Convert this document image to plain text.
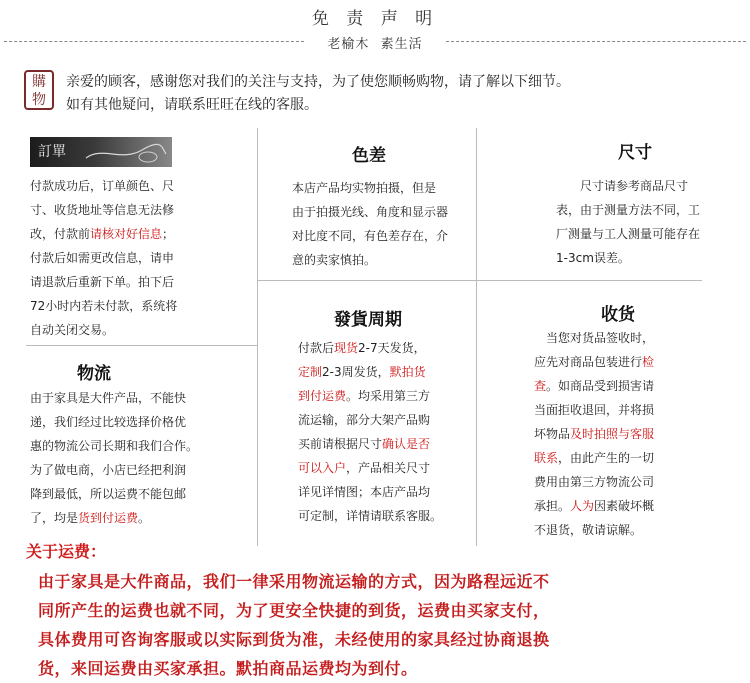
免 责 声 明
老榆木 素生活
購
物
亲爱的顾客，感谢您对我们的关注与支持，为了使您顺畅购物，请了解以下细节。
如有其他疑问，请联系旺旺在线的客服。
訂單
付款成功后，订单颜色、尺
寸、收货地址等信息无法修
改，付款前请核对好信息；
付款后如需更改信息，请申
请退款后重新下单。拍下后
72小时内若未付款，系统将
自动关闭交易。
色差
本店产品均实物拍摄，但是
由于拍摄光线、角度和显示器
对比度不同，有色差存在，介
意的卖家慎拍。
尺寸
　　尺寸请参考商品尺寸
表，由于测量方法不同，工
厂测量与工人测量可能存在
1-3cm误差。
物流
由于家具是大件产品，不能快
递，我们经过比较选择价格优
惠的物流公司长期和我们合作。
为了做电商，小店已经把利润
降到最低，所以运费不能包邮
了，均是货到付运费。
發貨周期
付款后现货2-7天发货，
定制2-3周发货，默拍货
到付运费。均采用第三方
流运输，部分大架产品购
买前请根据尺寸确认是否
可以入户，产品相关尺寸
详见详情图；本店产品均
可定制，详情请联系客服。
收货
　当您对货品签收时，
应先对商品包装进行检
查。如商品受到损害请
当面拒收退回，并将损
坏物品及时拍照与客服
联系，由此产生的一切
费用由第三方物流公司
承担。人为因素破坏概
不退货，敬请谅解。
关于运费：
由于家具是大件商品，我们一律采用物流运输的方式，因为路程远近不
同所产生的运费也就不同，为了更安全快捷的到货，运费由买家支付，
具体费用可咨询客服或以实际到货为准，未经使用的家具经过协商退换
货，来回运费由买家承担。默拍商品运费均为到付。
